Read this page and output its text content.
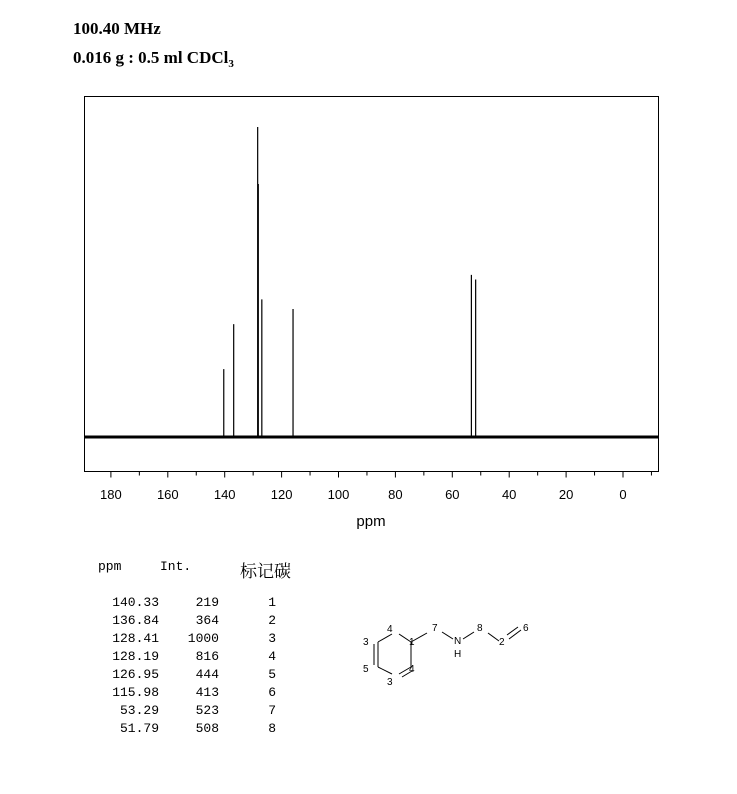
100.40 MHz
0.016 g : 0.5 ml CDCl$_3$
180	160	140	120	100	80	60	40	20	0
ppm
ppm	Int.	标记碳
140.33	219	1
136.84	364	2
128.41	1000	3
128.19	816	4
126.95	444	5
115.98	413	6
53.29	523	7
51.79	508	8
3
4
1
5	4
3
7
N
H
8
2
6
